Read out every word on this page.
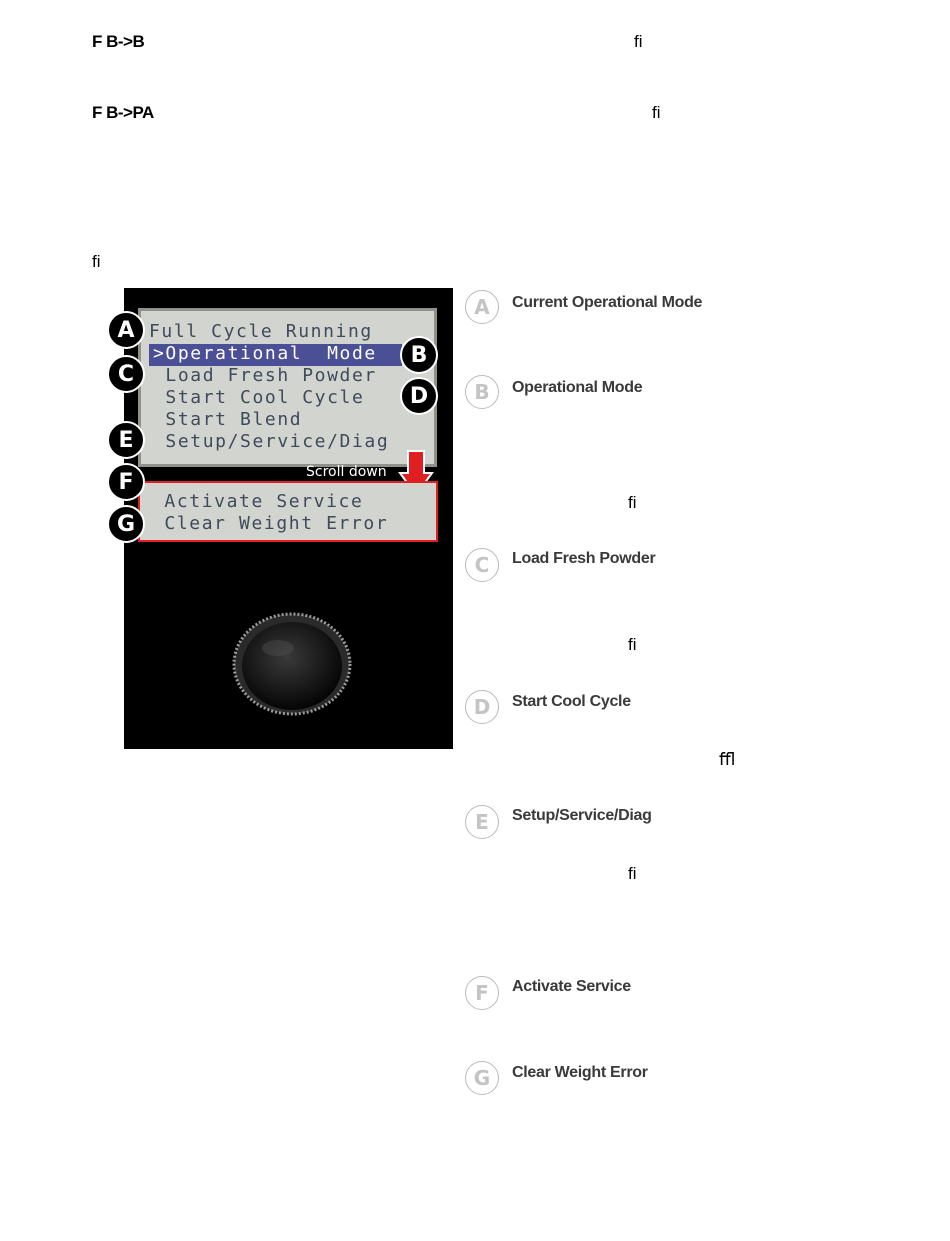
F B->B	ﬁ
F B->PA	ﬁ
ﬁ
>Operational  Mode
Full Cycle Running
Load Fresh Powder
Start Cool Cycle
Start Blend
Setup/Service/Diag
Scroll down
Activate Service
Clear Weight Error
A
B
C
D
E
F
G
A	Current Operational Mode
B	Operational Mode
ﬁ
C	Load Fresh Powder
ﬁ
D	Start Cool Cycle
ﬄ
E	Setup/Service/Diag
ﬁ
F	Activate Service
G	Clear Weight Error
